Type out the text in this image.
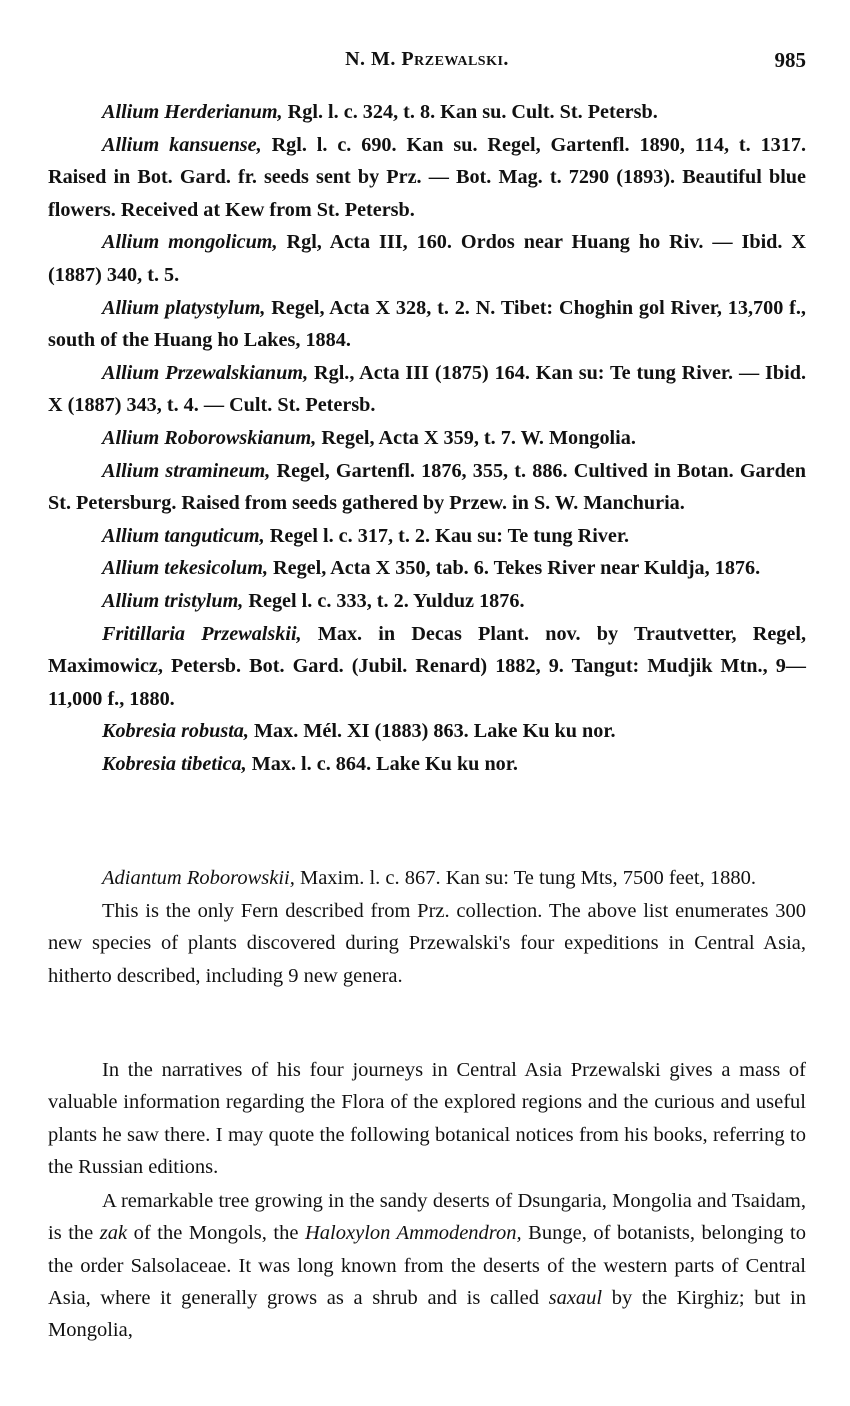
N. M. Przewalski.	985

Allium Herderianum, Rgl. l. c. 324, t. 8. Kan su. Cult. St. Petersb.

Allium kansuense, Rgl. l. c. 690. Kan su. Regel, Gartenfl. 1890, 114, t. 1317. Raised in Bot. Gard. fr. seeds sent by Prz. — Bot. Mag. t. 7290 (1893). Beautiful blue flowers. Received at Kew from St. Petersb.

Allium mongolicum, Rgl, Acta III, 160. Ordos near Huang ho Riv. — Ibid. X (1887) 340, t. 5.

Allium platystylum, Regel, Acta X 328, t. 2. N. Tibet: Choghin gol River, 13,700 f., south of the Huang ho Lakes, 1884.

Allium Przewalskianum, Rgl., Acta III (1875) 164. Kan su: Te tung River. — Ibid. X (1887) 343, t. 4. — Cult. St. Petersb.

Allium Roborowskianum, Regel, Acta X 359, t. 7. W. Mongolia.

Allium stramineum, Regel, Gartenfl. 1876, 355, t. 886. Cultived in Botan. Garden St. Petersburg. Raised from seeds gathered by Przew. in S. W. Manchuria.

Allium tanguticum, Regel l. c. 317, t. 2. Kau su: Te tung River.

Allium tekesicolum, Regel, Acta X 350, tab. 6. Tekes River near Kuldja, 1876.

Allium tristylum, Regel l. c. 333, t. 2. Yulduz 1876.

Fritillaria Przewalskii, Max. in Decas Plant. nov. by Trautvetter, Regel, Maximowicz, Petersb. Bot. Gard. (Jubil. Renard) 1882, 9. Tangut: Mudjik Mtn., 9—11,000 f., 1880.

Kobresia robusta, Max. Mél. XI (1883) 863. Lake Ku ku nor.

Kobresia tibetica, Max. l. c. 864. Lake Ku ku nor.

Adiantum Roborowskii, Maxim. l. c. 867. Kan su: Te tung Mts, 7500 feet, 1880.

This is the only Fern described from Prz. collection. The above list enumerates 300 new species of plants discovered during Przewalski's four expeditions in Central Asia, hitherto described, including 9 new genera.

In the narratives of his four journeys in Central Asia Przewalski gives a mass of valuable information regarding the Flora of the explored regions and the curious and useful plants he saw there. I may quote the following botanical notices from his books, referring to the Russian editions.

A remarkable tree growing in the sandy deserts of Dsungaria, Mongolia and Tsaidam, is the zak of the Mongols, the Haloxylon Ammodendron, Bunge, of botanists, belonging to the order Salsolaceae. It was long known from the deserts of the western parts of Central Asia, where it generally grows as a shrub and is called saxaul by the Kirghiz; but in Mongolia,
